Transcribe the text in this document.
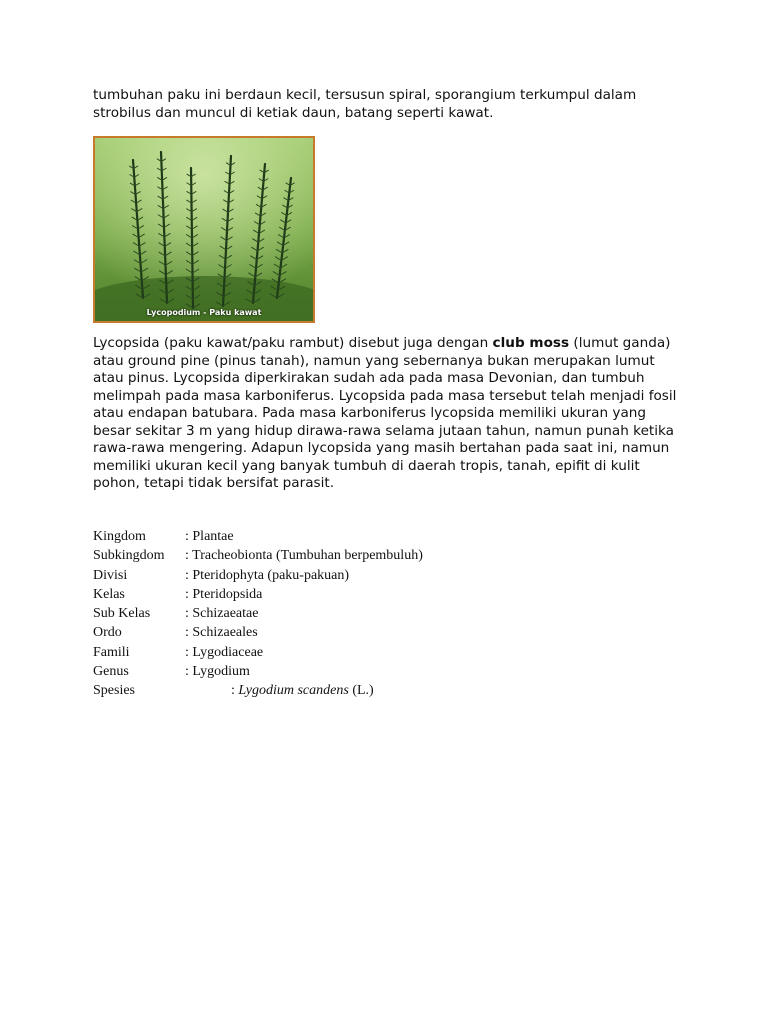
tumbuhan paku ini berdaun kecil, tersusun spiral, sporangium terkumpul dalam strobilus dan muncul di ketiak daun, batang seperti kawat.

Lycopodium - Paku kawat

Lycopsida (paku kawat/paku rambut) disebut juga dengan club moss (lumut ganda) atau ground pine (pinus tanah), namun yang sebernanya bukan merupakan lumut atau pinus. Lycopsida diperkirakan sudah ada pada masa Devonian, dan tumbuh melimpah pada masa karboniferus. Lycopsida pada masa tersebut telah menjadi fosil atau endapan batubara. Pada masa karboniferus lycopsida memiliki ukuran yang besar sekitar 3 m yang hidup dirawa-rawa selama jutaan tahun, namun punah ketika rawa-rawa mengering. Adapun lycopsida yang masih bertahan pada saat ini, namun memiliki ukuran kecil yang banyak tumbuh di daerah tropis, tanah, epifit di kulit pohon, tetapi tidak bersifat parasit.

Kingdom	: Plantae
Subkingdom : Tracheobionta (Tumbuhan berpembuluh)
Divisi	: Pteridophyta (paku-pakuan)
Kelas	: Pteridopsida
Sub Kelas : Schizaeatae
Ordo	: Schizaeales
Famili	: Lygodiaceae
Genus	: Lygodium
Spesies	: Lygodium scandens (L.)
